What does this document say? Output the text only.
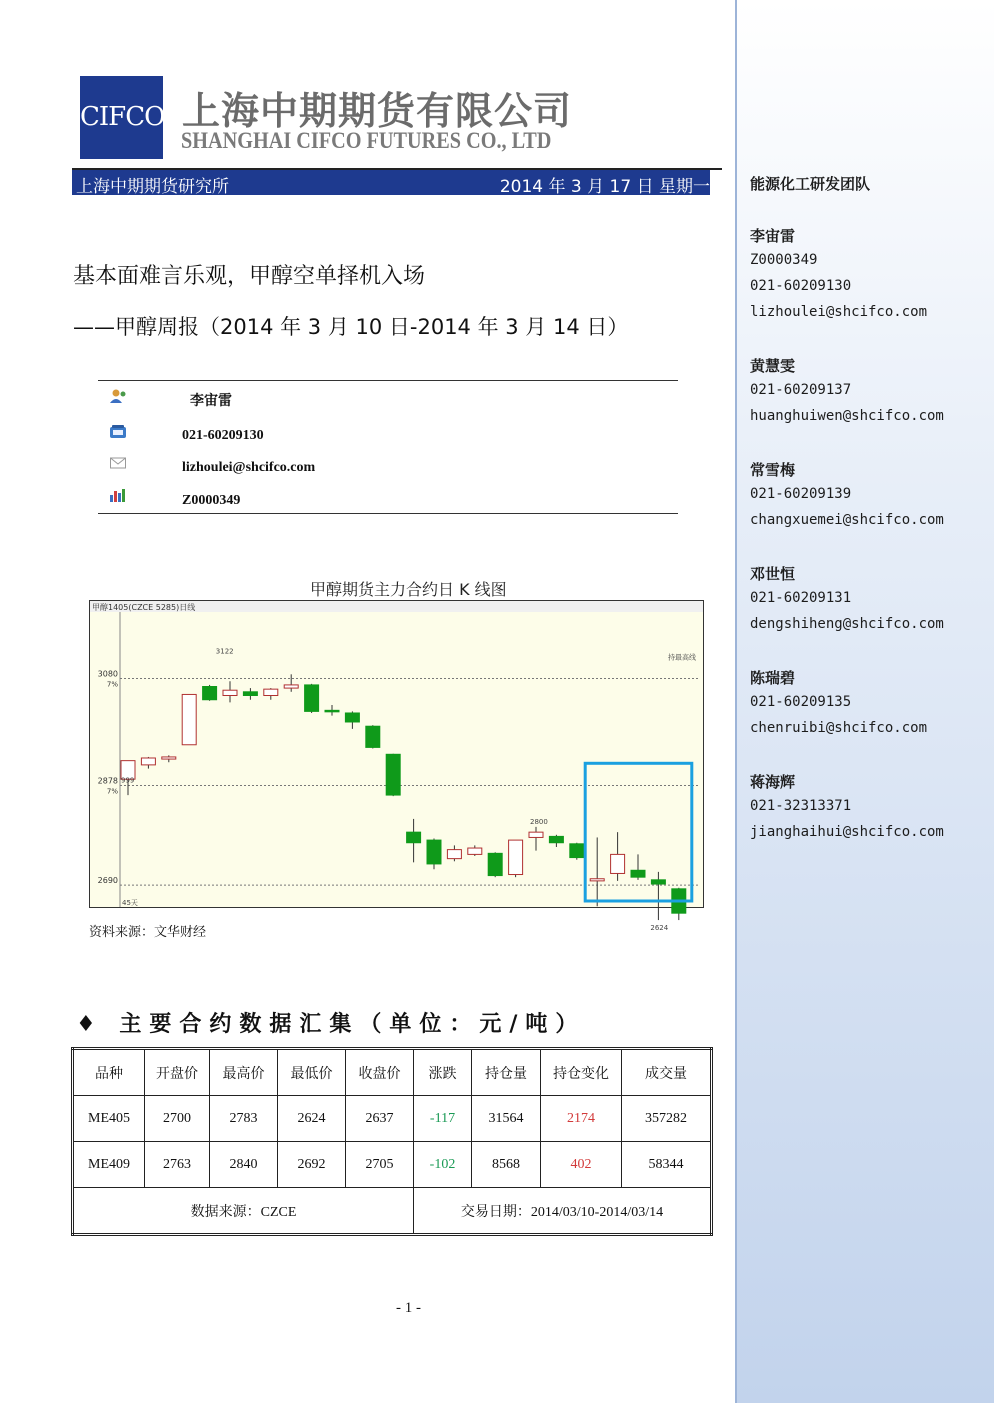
CIFCO 上海中期期货有限公司
SHANGHAI CIFCO FUTURES CO., LTD
上海中期期货研究所	2014 年 3 月 17 日 星期一
基本面难言乐观，甲醇空单择机入场
——甲醇周报（2014 年 3 月 10 日-2014 年 3 月 14 日）
李宙雷
021-60209130
lizhoulei@shcifco.com
Z0000349
甲醇期货主力合约日 K 线图
甲醇1405(CZCE 5285)日线
3080
7%
2878
7%
2690
3122
2800
2624
999
持最高线
45天
资料来源：文华财经
♦ 主要合约数据汇集（单位：元/吨）
品种	开盘价	最高价	最低价	收盘价	涨跌	持仓量	持仓变化	成交量
ME405	2700	2783	2624	2637	-117	31564	2174	357282
ME409	2763	2840	2692	2705	-102	8568	402	58344
数据来源：CZCE					交易日期：2014/03/10-2014/03/14			
- 1 -
能源化工研发团队
李宙雷
Z0000349
021-60209130
lizhoulei@shcifco.com
黄慧雯
021-60209137
huanghuiwen@shcifco.com
常雪梅
021-60209139
changxuemei@shcifco.com
邓世恒
021-60209131
dengshiheng@shcifco.com
陈瑞碧
021-60209135
chenruibi@shcifco.com
蒋海辉
021-32313371
jianghaihui@shcifco.com
